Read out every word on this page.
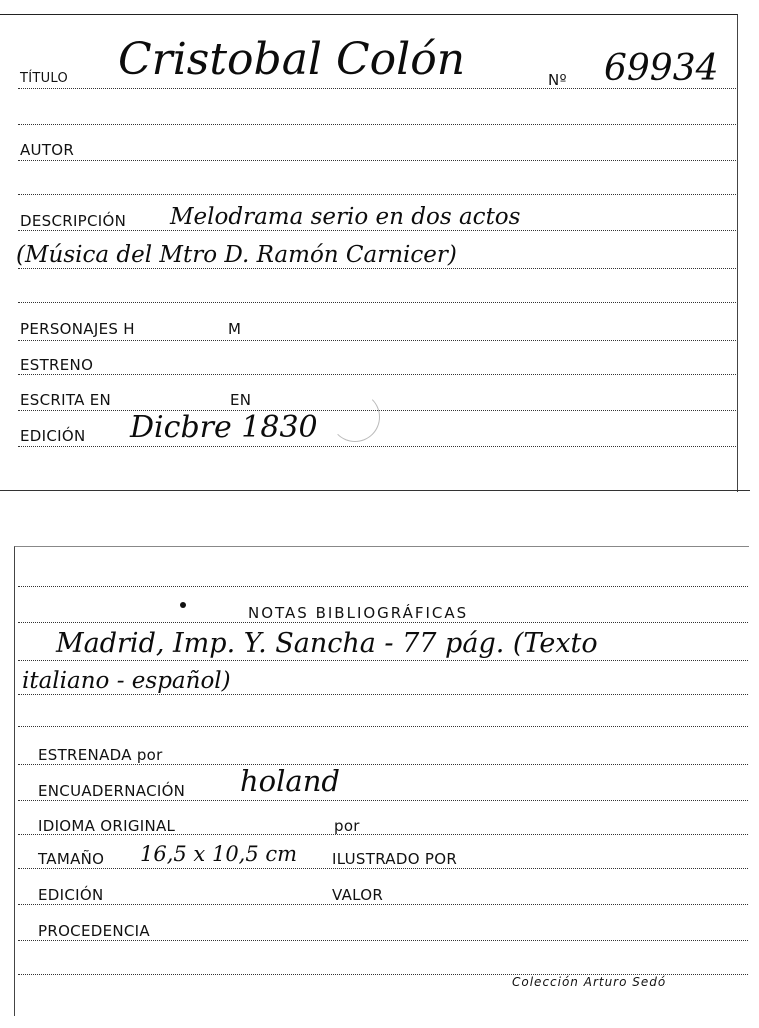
TÍTULO Cristobal Colón	Nº 69934
AUTOR
DESCRIPCIÓN Melodrama serio en dos actos
(Música del Mtro D. Ramón Carnicer)
PERSONAJES H	M
ESTRENO
ESCRITA EN	EN
EDICIÓN Dicbre 1830
NOTAS BIBLIOGRÁFICAS
Madrid, Imp. Y. Sancha - 77 pág. (Texto
italiano - español)
ESTRENADA por
ENCUADERNACIÓN holand
IDIOMA ORIGINAL	por
TAMAÑO 16,5 x 10,5 cm ILUSTRADO POR
EDICIÓN	VALOR
PROCEDENCIA
Colección Arturo Sedó
